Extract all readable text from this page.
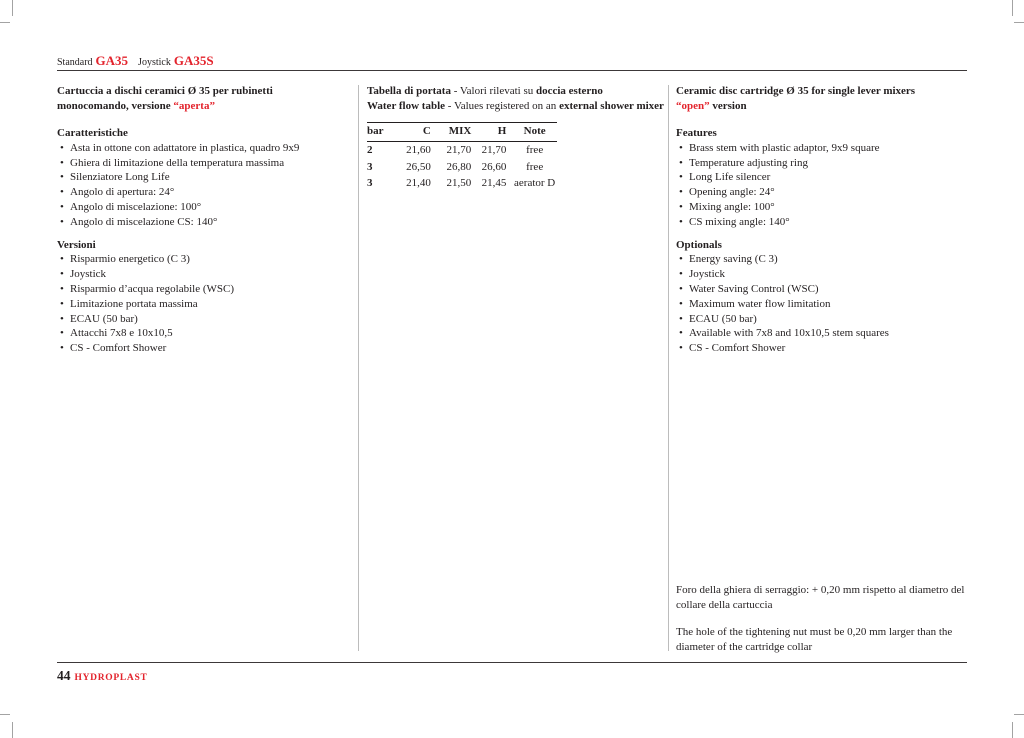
Standard GA35 Joystick GA35S

Cartuccia a dischi ceramici Ø 35 per rubinetti
monocomando, versione “aperta”

Caratteristiche
• Asta in ottone con adattatore in plastica, quadro 9x9
• Ghiera di limitazione della temperatura massima
• Silenziatore Long Life
• Angolo di apertura: 24°
• Angolo di miscelazione: 100°
• Angolo di miscelazione CS: 140°
Versioni
• Risparmio energetico (C 3)
• Joystick
• Risparmio d’acqua regolabile (WSC)
• Limitazione portata massima
• ECAU (50 bar)
• Attacchi 7x8 e 10x10,5
• CS - Comfort Shower

Tabella di portata - Valori rilevati su doccia esterno
Water flow table - Values registered on an external shower mixer

bar	C	MIX	H	Note
2	21,60	21,70	21,70	free
3	26,50	26,80	26,60	free
3	21,40	21,50	21,45	aerator D

Ceramic disc cartridge Ø 35 for single lever mixers
“open” version

Features
• Brass stem with plastic adaptor, 9x9 square
• Temperature adjusting ring
• Long Life silencer
• Opening angle: 24°
• Mixing angle: 100°
• CS mixing angle: 140°
Optionals
• Energy saving (C 3)
• Joystick
• Water Saving Control (WSC)
• Maximum water flow limitation
• ECAU (50 bar)
• Available with 7x8 and 10x10,5 stem squares
• CS - Comfort Shower

Foro della ghiera di serraggio: + 0,20 mm rispetto al diametro del collare della cartuccia

The hole of the tightening nut must be 0,20 mm larger than the diameter of the cartridge collar

44 HYDROPLAST
